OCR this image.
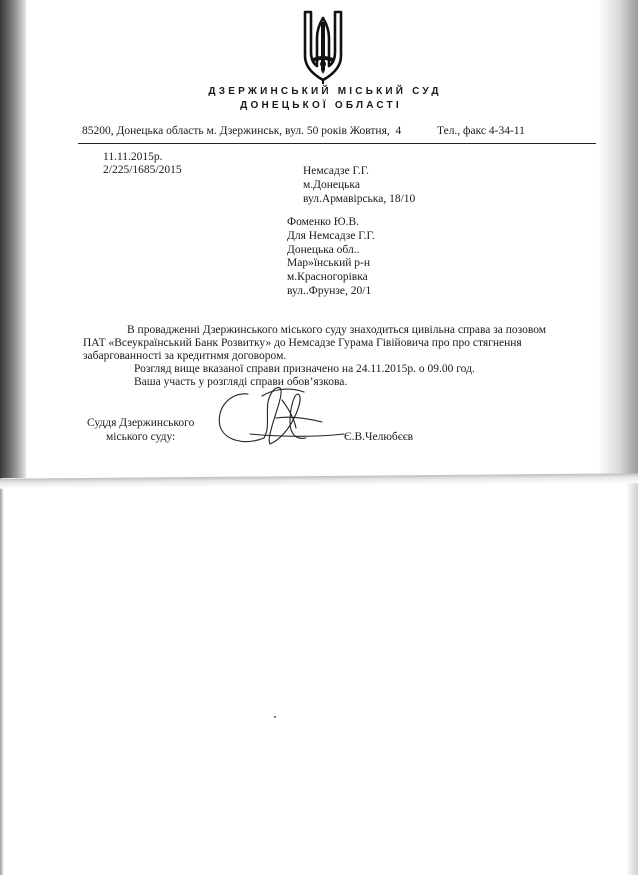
ДЗЕРЖИНСЬКИЙ МІСЬКИЙ СУД
ДОНЕЦЬКОЇ ОБЛАСТІ
85200, Донецька область м. Дзержинськ, вул. 50 років Жовтня,  4	Тел., факс 4-34-11
11.11.2015р.
2/225/1685/2015	Немсадзе Г.Г.
м.Донецька
вул.Армавірська, 18/10
Фоменко Ю.В.
Для Немсадзе Г.Г.
Донецька обл..
Мар»їнський р-н
м.Красногорівка
вул..Фрунзе, 20/1
В провадженні Дзержинського міського суду знаходиться цивільна справа за позовом
ПАТ «Всеукраїнський Банк Розвитку» до Немсадзе Гурама Гівійовича про про стягнення
забаргованності за кредитнмя договором.
Розгляд вище вказаної справи призначено на 24.11.2015р. о 09.00 год.
Ваша участь у розгляді справи обов’язкова.
Суддя Дзержинського
міського суду:	Є.В.Челюбєєв
